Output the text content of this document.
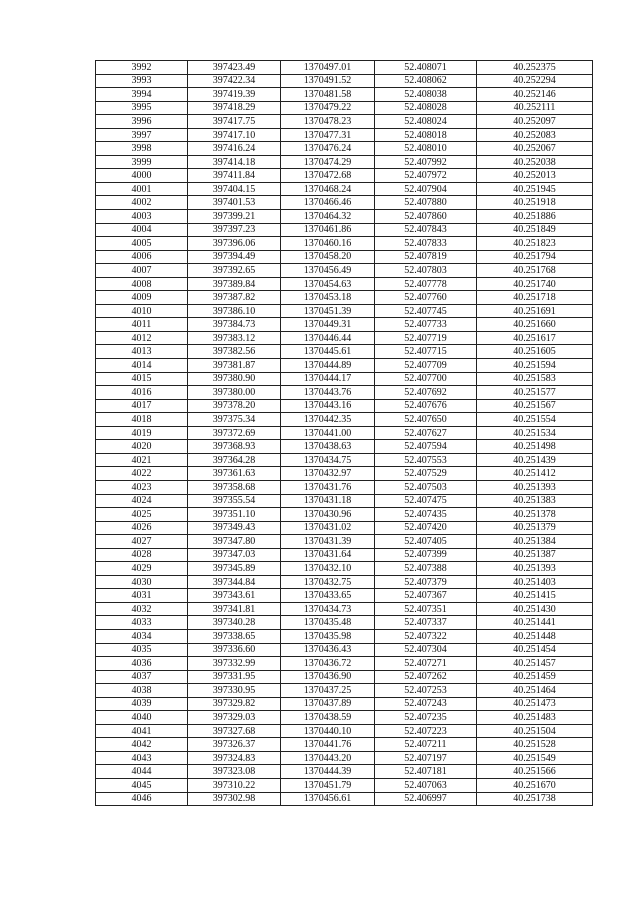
3992	397423.49	1370497.01	52.408071	40.252375
3993	397422.34	1370491.52	52.408062	40.252294
3994	397419.39	1370481.58	52.408038	40.252146
3995	397418.29	1370479.22	52.408028	40.252111
3996	397417.75	1370478.23	52.408024	40.252097
3997	397417.10	1370477.31	52.408018	40.252083
3998	397416.24	1370476.24	52.408010	40.252067
3999	397414.18	1370474.29	52.407992	40.252038
4000	397411.84	1370472.68	52.407972	40.252013
4001	397404.15	1370468.24	52.407904	40.251945
4002	397401.53	1370466.46	52.407880	40.251918
4003	397399.21	1370464.32	52.407860	40.251886
4004	397397.23	1370461.86	52.407843	40.251849
4005	397396.06	1370460.16	52.407833	40.251823
4006	397394.49	1370458.20	52.407819	40.251794
4007	397392.65	1370456.49	52.407803	40.251768
4008	397389.84	1370454.63	52.407778	40.251740
4009	397387.82	1370453.18	52.407760	40.251718
4010	397386.10	1370451.39	52.407745	40.251691
4011	397384.73	1370449.31	52.407733	40.251660
4012	397383.12	1370446.44	52.407719	40.251617
4013	397382.56	1370445.61	52.407715	40.251605
4014	397381.87	1370444.89	52.407709	40.251594
4015	397380.90	1370444.17	52.407700	40.251583
4016	397380.00	1370443.76	52.407692	40.251577
4017	397378.20	1370443.16	52.407676	40.251567
4018	397375.34	1370442.35	52.407650	40.251554
4019	397372.69	1370441.00	52.407627	40.251534
4020	397368.93	1370438.63	52.407594	40.251498
4021	397364.28	1370434.75	52.407553	40.251439
4022	397361.63	1370432.97	52.407529	40.251412
4023	397358.68	1370431.76	52.407503	40.251393
4024	397355.54	1370431.18	52.407475	40.251383
4025	397351.10	1370430.96	52.407435	40.251378
4026	397349.43	1370431.02	52.407420	40.251379
4027	397347.80	1370431.39	52.407405	40.251384
4028	397347.03	1370431.64	52.407399	40.251387
4029	397345.89	1370432.10	52.407388	40.251393
4030	397344.84	1370432.75	52.407379	40.251403
4031	397343.61	1370433.65	52.407367	40.251415
4032	397341.81	1370434.73	52.407351	40.251430
4033	397340.28	1370435.48	52.407337	40.251441
4034	397338.65	1370435.98	52.407322	40.251448
4035	397336.60	1370436.43	52.407304	40.251454
4036	397332.99	1370436.72	52.407271	40.251457
4037	397331.95	1370436.90	52.407262	40.251459
4038	397330.95	1370437.25	52.407253	40.251464
4039	397329.82	1370437.89	52.407243	40.251473
4040	397329.03	1370438.59	52.407235	40.251483
4041	397327.68	1370440.10	52.407223	40.251504
4042	397326.37	1370441.76	52.407211	40.251528
4043	397324.83	1370443.20	52.407197	40.251549
4044	397323.08	1370444.39	52.407181	40.251566
4045	397310.22	1370451.79	52.407063	40.251670
4046	397302.98	1370456.61	52.406997	40.251738
